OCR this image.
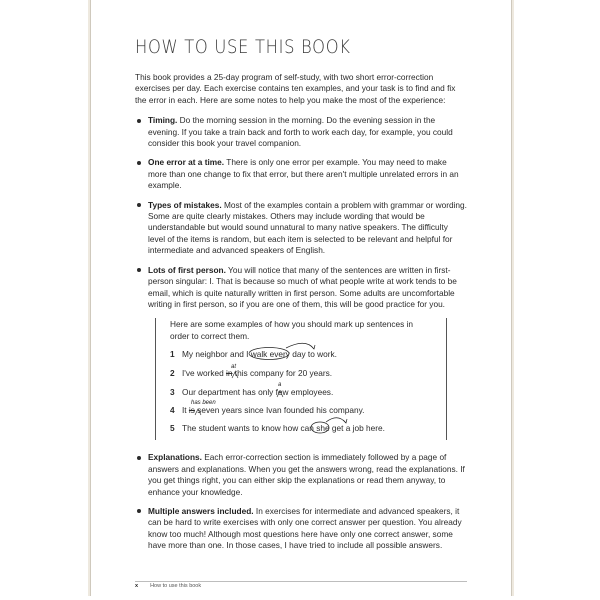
HOW TO USE THIS BOOK

This book provides a 25-day program of self-study, with two short error-correction exercises per day. Each exercise contains ten examples, and your task is to find and fix the error in each. Here are some notes to help you make the most of the experience:

Timing. Do the morning session in the morning. Do the evening session in the evening. If you take a train back and forth to work each day, for example, you could consider this book your travel companion.
One error at a time. There is only one error per example. You may need to make more than one change to fix that error, but there aren't multiple unrelated errors in an example.
Types of mistakes. Most of the examples contain a problem with grammar or wording. Some are quite clearly mistakes. Others may include wording that would be understandable but would sound unnatural to many native speakers. The difficulty level of the items is random, but each item is selected to be relevant and helpful for intermediate and advanced speakers of English.
Lots of first person. You will notice that many of the sentences are written in first-person singular: I. That is because so much of what people write at work tends to be email, which is quite naturally written in first person. Some adults are uncomfortable writing in first person, so if you are one of them, this will be good practice for you.
Here are some examples of how you should mark up sentences in order to correct them.
1 My neighbor and I walk every day to work.
2 I've worked in this company for 20 years.
3 Our department has only few employees.
4 It is seven years since Ivan founded his company.
5 The student wants to know how can she get a job here.
at
a
has been
Explanations. Each error-correction section is immediately followed by a page of answers and explanations. When you get the answers wrong, read the explanations. If you get things right, you can either skip the explanations or read them anyway, to enhance your knowledge.
Multiple answers included. In exercises for intermediate and advanced speakers, it can be hard to write exercises with only one correct answer per question. You already know too much! Although most questions here have only one correct answer, some have more than one. In those cases, I have tried to include all possible answers.
x How to use this book
